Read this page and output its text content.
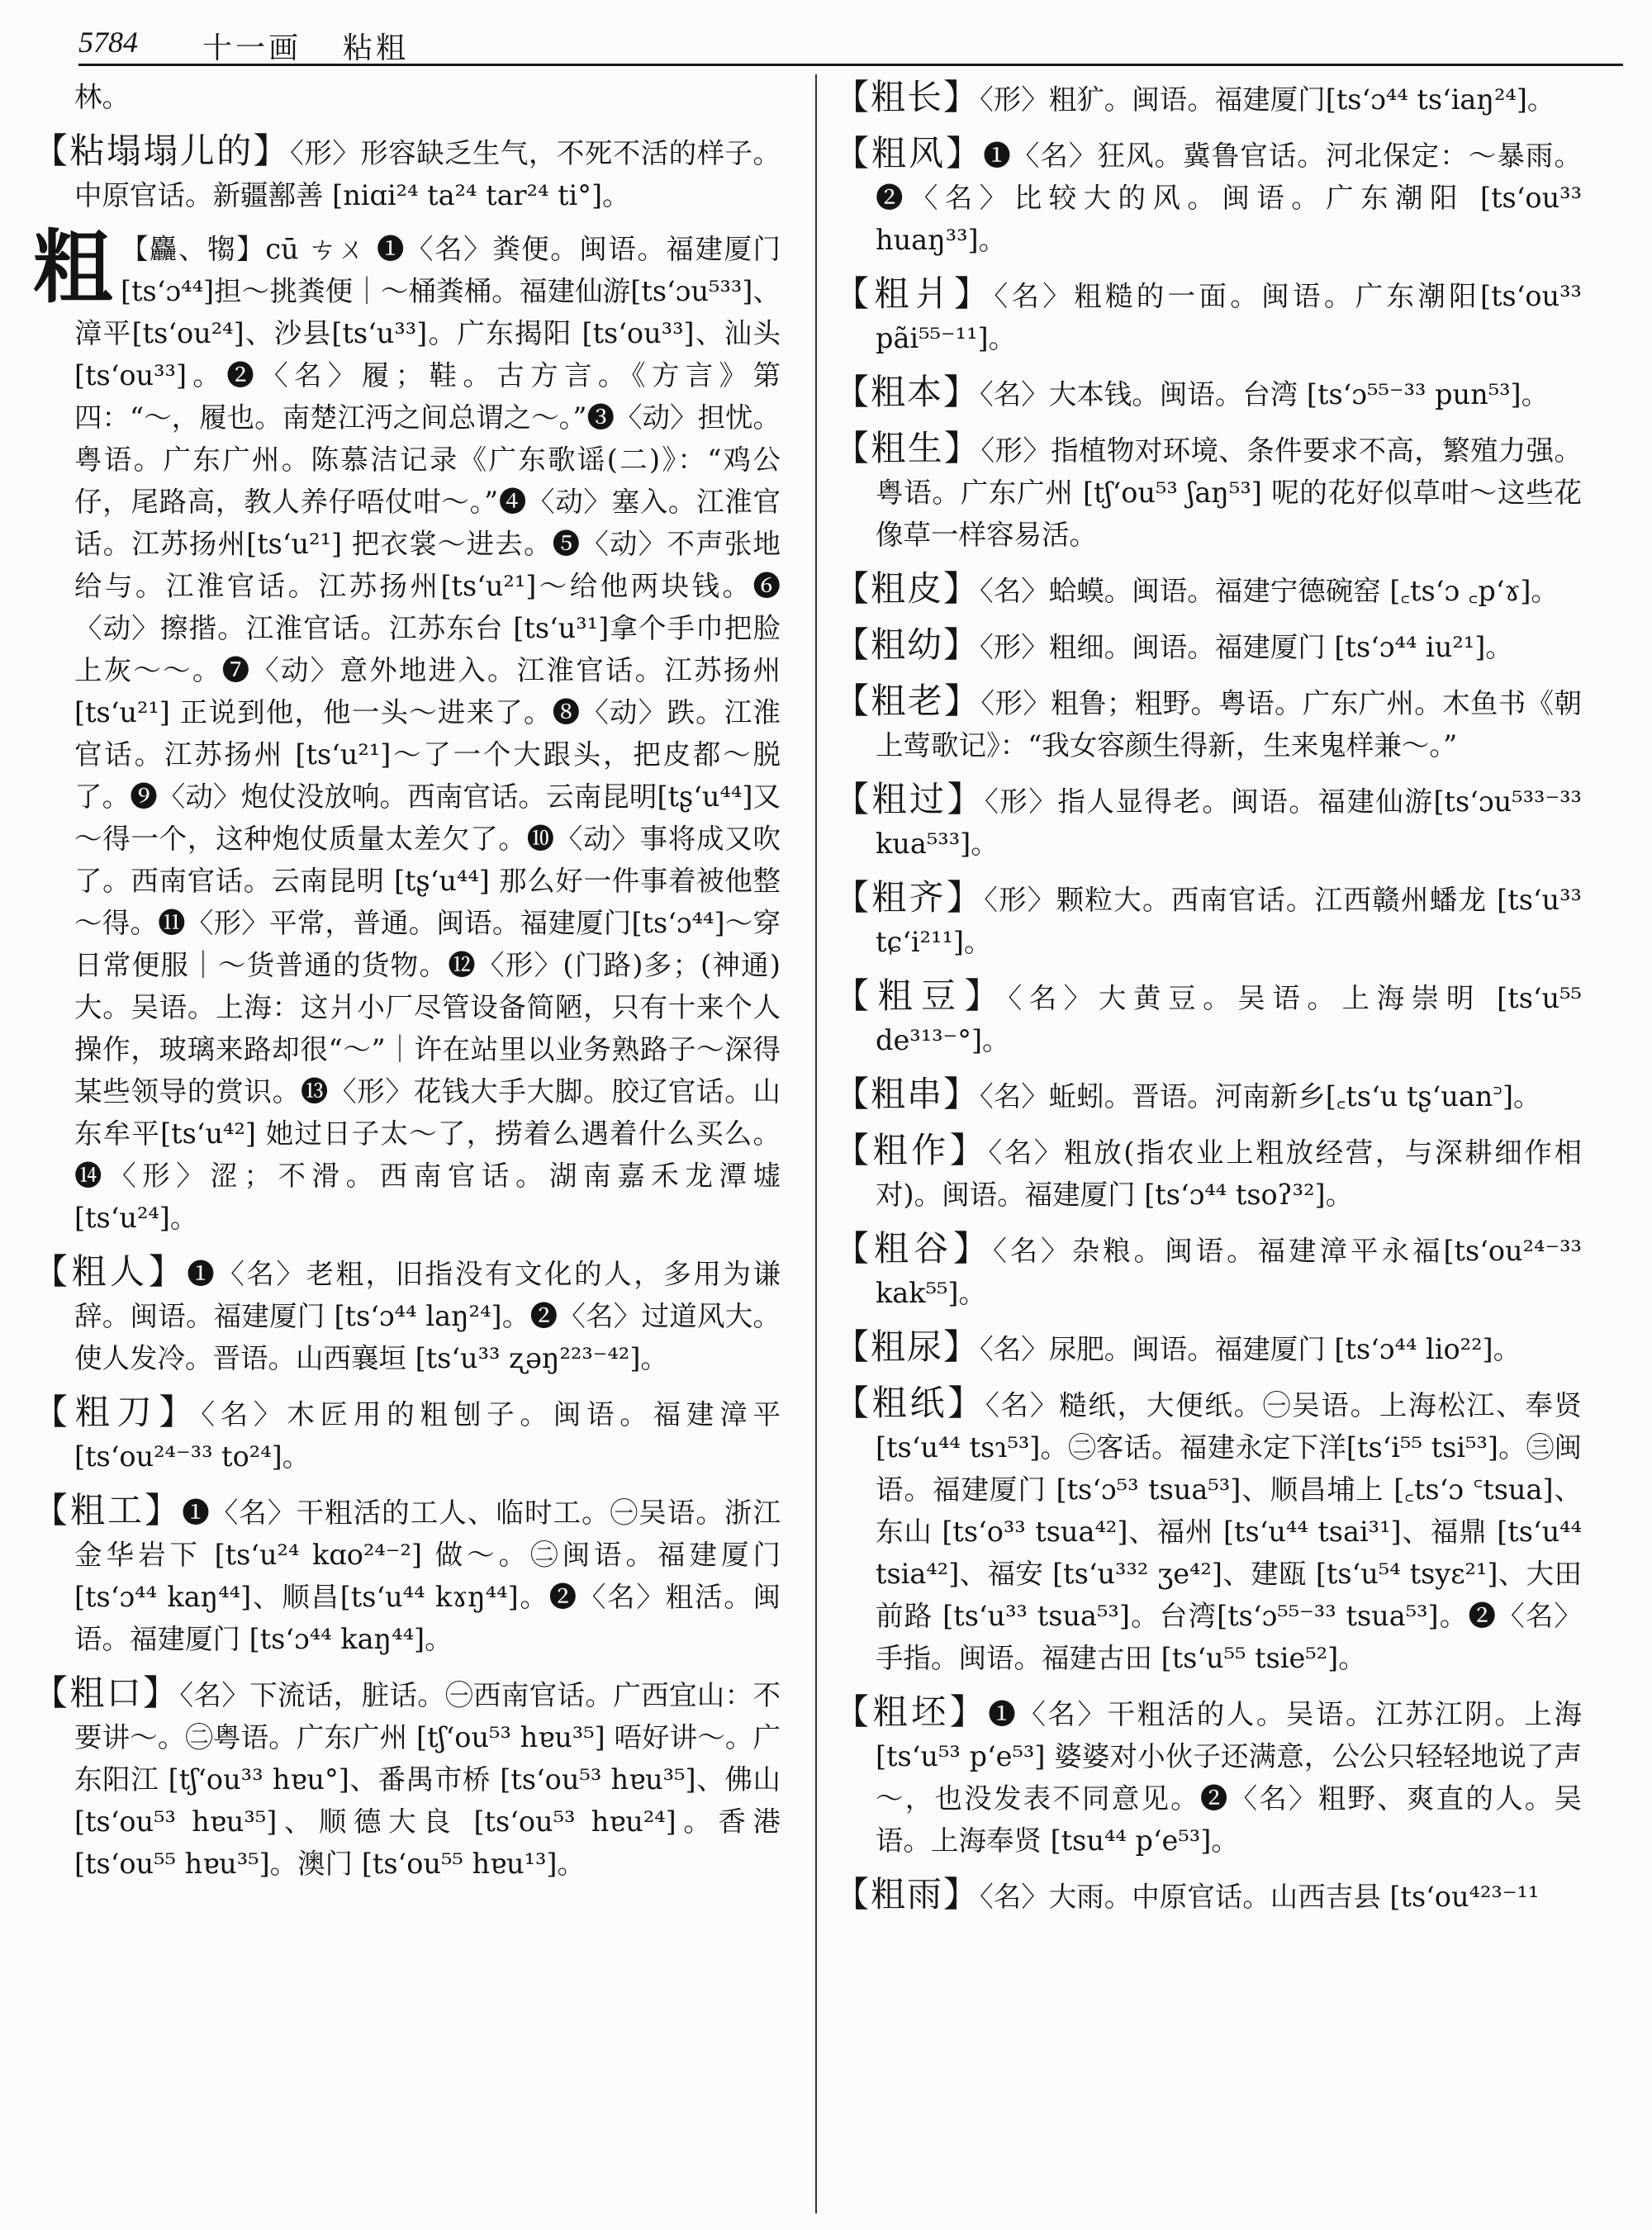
5784 十一画 粘粗
林。
【粘塌塌儿的】〈形〉形容缺乏生气，不死不活的样子。中原官话。新疆鄯善 [niɑi²⁴ ta²⁴ tar²⁴ ti°]。
粗 【麤、犓】cū ㄘㄨ ❶〈名〉粪便。闽语。福建厦门[tsʻɔ⁴⁴]担～挑粪便｜～桶粪桶。福建仙游[tsʻɔu⁵³³]、漳平[tsʻou²⁴]、沙县[tsʻu³³]。广东揭阳 [tsʻou³³]、汕头[tsʻou³³]。❷〈名〉履；鞋。古方言。《方言》第四：“～，履也。南楚江沔之间总谓之～。”❸〈动〉担忧。粤语。广东广州。陈慕洁记录《广东歌谣(二)》：“鸡公仔，尾路高，教人养仔唔仗咁～。”❹〈动〉塞入。江淮官话。江苏扬州[tsʻu²¹] 把衣裳～进去。❺〈动〉不声张地给与。江淮官话。江苏扬州[tsʻu²¹]～给他两块钱。❻〈动〉擦揩。江淮官话。江苏东台 [tsʻu³¹]拿个手巾把脸上灰～～。❼〈动〉意外地进入。江淮官话。江苏扬州[tsʻu²¹] 正说到他，他一头～进来了。❽〈动〉跌。江淮官话。江苏扬州 [tsʻu²¹]～了一个大跟头，把皮都～脱了。❾〈动〉炮仗没放响。西南官话。云南昆明[tʂʻu⁴⁴]又～得一个，这种炮仗质量太差欠了。❿〈动〉事将成又吹了。西南官话。云南昆明 [tʂʻu⁴⁴] 那么好一件事着被他整～得。⓫〈形〉平常，普通。闽语。福建厦门[tsʻɔ⁴⁴]～穿日常便服｜～货普通的货物。⓬〈形〉(门路)多；(神通)大。吴语。上海：这爿小厂尽管设备简陋，只有十来个人操作，玻璃来路却很“～”｜许在站里以业务熟路子～深得某些领导的赏识。⓭〈形〉花钱大手大脚。胶辽官话。山东牟平[tsʻu⁴²] 她过日子太～了，捞着么遇着什么买么。⓮〈形〉涩；不滑。西南官话。湖南嘉禾龙潭墟 [tsʻu²⁴]。
【粗人】❶〈名〉老粗，旧指没有文化的人，多用为谦辞。闽语。福建厦门 [tsʻɔ⁴⁴ laŋ²⁴]。❷〈名〉过道风大。使人发冷。晋语。山西襄垣 [tsʻu³³ ʐəŋ²²³⁻⁴²]。
【粗刀】〈名〉木匠用的粗刨子。闽语。福建漳平 [tsʻou²⁴⁻³³ to²⁴]。
【粗工】❶〈名〉干粗活的工人、临时工。㊀吴语。浙江金华岩下 [tsʻu²⁴ kɑo²⁴⁻²] 做～。㊁闽语。福建厦门 [tsʻɔ⁴⁴ kaŋ⁴⁴]、顺昌[tsʻu⁴⁴ kɤŋ⁴⁴]。❷〈名〉粗活。闽语。福建厦门 [tsʻɔ⁴⁴ kaŋ⁴⁴]。
【粗口】〈名〉下流话，脏话。㊀西南官话。广西宜山：不要讲～。㊁粤语。广东广州 [tʃʻou⁵³ hɐu³⁵] 唔好讲～。广东阳江 [tʃʻou³³ hɐu°]、番禺市桥 [tsʻou⁵³ hɐu³⁵]、佛山 [tsʻou⁵³ hɐu³⁵]、顺德大良 [tsʻou⁵³ hɐu²⁴]。香港[tsʻou⁵⁵ hɐu³⁵]。澳门 [tsʻou⁵⁵ hɐu¹³]。
【粗长】〈形〉粗犷。闽语。福建厦门[tsʻɔ⁴⁴ tsʻiaŋ²⁴]。
【粗风】❶〈名〉狂风。冀鲁官话。河北保定：～暴雨。❷〈名〉比较大的风。闽语。广东潮阳 [tsʻou³³ huaŋ³³]。
【粗爿】〈名〉粗糙的一面。闽语。广东潮阳[tsʻou³³ pãi⁵⁵⁻¹¹]。
【粗本】〈名〉大本钱。闽语。台湾 [tsʻɔ⁵⁵⁻³³ pun⁵³]。
【粗生】〈形〉指植物对环境、条件要求不高，繁殖力强。粤语。广东广州 [tʃʻou⁵³ ʃaŋ⁵³] 呢的花好似草咁～这些花像草一样容易活。
【粗皮】〈名〉蛤蟆。闽语。福建宁德碗窑 [꜀tsʻɔ ꜀pʻɤ]。
【粗幼】〈形〉粗细。闽语。福建厦门 [tsʻɔ⁴⁴ iu²¹]。
【粗老】〈形〉粗鲁；粗野。粤语。广东广州。木鱼书《朝上莺歌记》：“我女容颜生得新，生来鬼样兼～。”
【粗过】〈形〉指人显得老。闽语。福建仙游[tsʻɔu⁵³³⁻³³ kua⁵³³]。
【粗齐】〈形〉颗粒大。西南官话。江西赣州蟠龙 [tsʻu³³ tɕʻi²¹¹]。
【粗豆】〈名〉大黄豆。吴语。上海崇明 [tsʻu⁵⁵ de³¹³⁻°]。
【粗串】〈名〉蚯蚓。晋语。河南新乡[꜀tsʻu tʂʻuan꜄]。
【粗作】〈名〉粗放(指农业上粗放经营，与深耕细作相对)。闽语。福建厦门 [tsʻɔ⁴⁴ tsoʔ³²]。
【粗谷】〈名〉杂粮。闽语。福建漳平永福[tsʻou²⁴⁻³³ kak⁵⁵]。
【粗尿】〈名〉尿肥。闽语。福建厦门 [tsʻɔ⁴⁴ lio²²]。
【粗纸】〈名〉糙纸，大便纸。㊀吴语。上海松江、奉贤 [tsʻu⁴⁴ tsɿ⁵³]。㊁客话。福建永定下洋[tsʻi⁵⁵ tsi⁵³]。㊂闽语。福建厦门 [tsʻɔ⁵³ tsua⁵³]、顺昌埔上 [꜀tsʻɔ ꜂tsua]、东山 [tsʻo³³ tsua⁴²]、福州 [tsʻu⁴⁴ tsai³¹]、福鼎 [tsʻu⁴⁴ tsia⁴²]、福安 [tsʻu³³² ʒe⁴²]、建瓯 [tsʻu⁵⁴ tsyɛ²¹]、大田前路 [tsʻu³³ tsua⁵³]。台湾[tsʻɔ⁵⁵⁻³³ tsua⁵³]。❷〈名〉手指。闽语。福建古田 [tsʻu⁵⁵ tsie⁵²]。
【粗坯】❶〈名〉干粗活的人。吴语。江苏江阴。上海 [tsʻu⁵³ pʻe⁵³] 婆婆对小伙子还满意，公公只轻轻地说了声～，也没发表不同意见。❷〈名〉粗野、爽直的人。吴语。上海奉贤 [tsu⁴⁴ pʻe⁵³]。
【粗雨】〈名〉大雨。中原官话。山西吉县 [tsʻou⁴²³⁻¹¹
